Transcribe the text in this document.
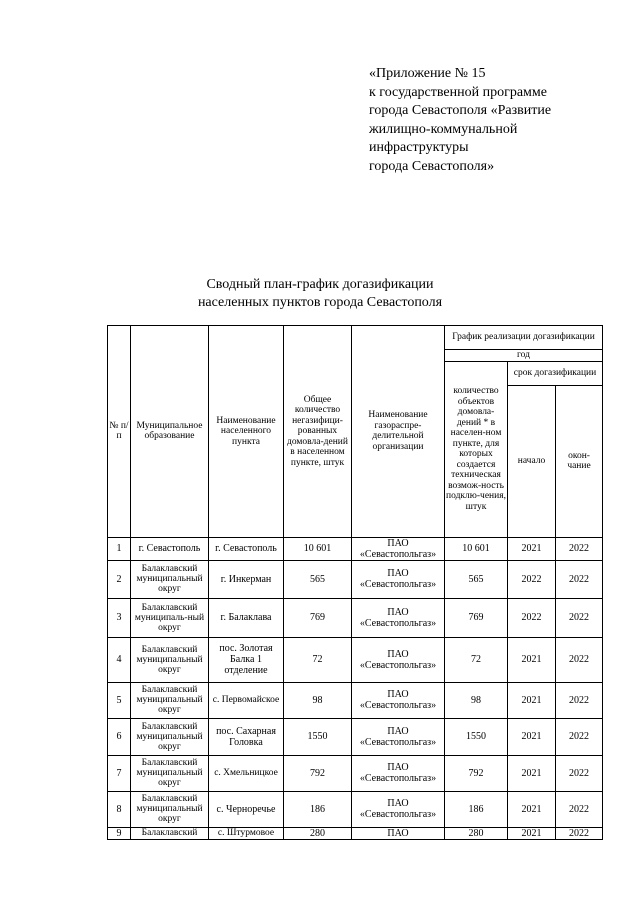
«Приложение № 15
к государственной программе
города Севастополя «Развитие
жилищно-коммунальной
инфраструктуры
города Севастополя»
Сводный план-график догазификации
населенных пунктов города Севастополя
№ п/п	Муниципальное образование	Наименование населенного пункта	Общее количество негазифици-рованных домовла-дений в населенном пункте, штук	Наименование газораспре-делительной организации	График реализации догазификации		
					год		
					количество объектов домовла-дений * в населен-ном пункте, для которых создается техническая возмож-ность подклю-чения, штук	срок догазификации	
						начало	окон-чание
1	г. Севастополь	г. Севастополь	10 601	ПАО «Севастопольгаз»	10 601	2021	2022
2	Балаклавский муниципальный округ	г. Инкерман	565	ПАО «Севастопольгаз»	565	2022	2022
3	Балаклавский муниципаль-ный округ	г. Балаклава	769	ПАО «Севастопольгаз»	769	2022	2022
4	Балаклавский муниципальный округ	пос. Золотая Балка 1 отделение	72	ПАО «Севастопольгаз»	72	2021	2022
5	Балаклавский муниципальный округ	с. Первомайское	98	ПАО «Севастопольгаз»	98	2021	2022
6	Балаклавский муниципальный округ	пос. Сахарная Головка	1550	ПАО «Севастопольгаз»	1550	2021	2022
7	Балаклавский муниципальный округ	с. Хмельницкое	792	ПАО «Севастопольгаз»	792	2021	2022
8	Балаклавский муниципальный округ	с. Черноречье	186	ПАО «Севастопольгаз»	186	2021	2022
9	Балаклавский	с. Штурмовое	280	ПАО	280	2021	2022
